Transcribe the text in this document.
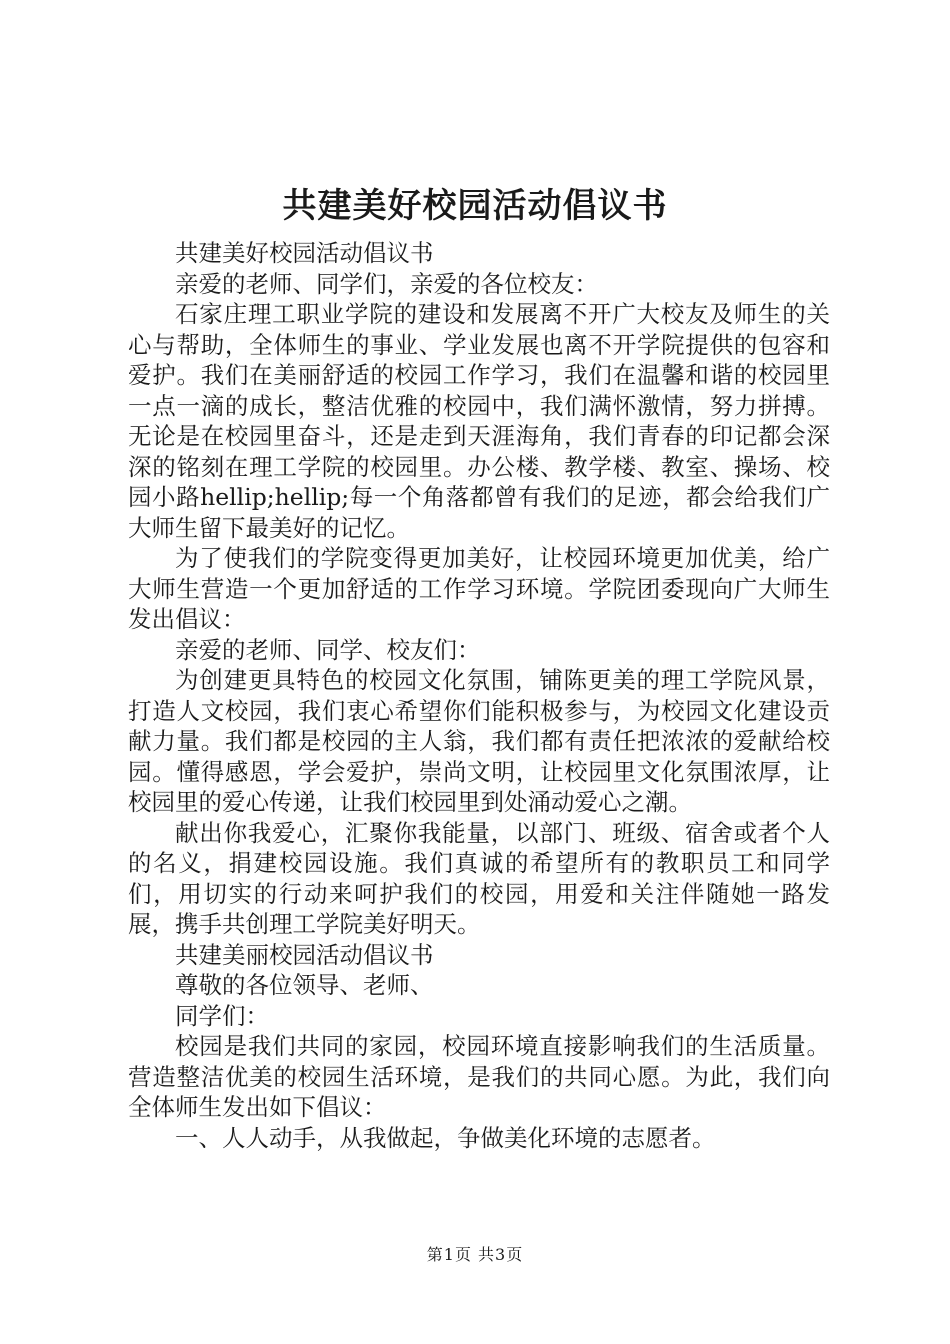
共建美好校园活动倡议书

共建美好校园活动倡议书

亲爱的老师、同学们，亲爱的各位校友：

石家庄理工职业学院的建设和发展离不开广大校友及师生的关心与帮助，全体师生的事业、学业发展也离不开学院提供的包容和爱护。我们在美丽舒适的校园工作学习，我们在温馨和谐的校园里一点一滴的成长，整洁优雅的校园中，我们满怀激情，努力拼搏。无论是在校园里奋斗，还是走到天涯海角，我们青春的印记都会深深的铭刻在理工学院的校园里。办公楼、教学楼、教室、操场、校园小路hellip;hellip;每一个角落都曾有我们的足迹，都会给我们广大师生留下最美好的记忆。

为了使我们的学院变得更加美好，让校园环境更加优美，给广大师生营造一个更加舒适的工作学习环境。学院团委现向广大师生发出倡议：

亲爱的老师、同学、校友们：

为创建更具特色的校园文化氛围，铺陈更美的理工学院风景，打造人文校园，我们衷心希望你们能积极参与，为校园文化建设贡献力量。我们都是校园的主人翁，我们都有责任把浓浓的爱献给校园。懂得感恩，学会爱护，崇尚文明，让校园里文化氛围浓厚，让校园里的爱心传递，让我们校园里到处涌动爱心之潮。

献出你我爱心，汇聚你我能量，以部门、班级、宿舍或者个人的名义，捐建校园设施。我们真诚的希望所有的教职员工和同学们，用切实的行动来呵护我们的校园，用爱和关注伴随她一路发展，携手共创理工学院美好明天。

共建美丽校园活动倡议书

尊敬的各位领导、老师、

同学们：

校园是我们共同的家园，校园环境直接影响我们的生活质量。营造整洁优美的校园生活环境，是我们的共同心愿。为此，我们向全体师生发出如下倡议：

一、人人动手，从我做起，争做美化环境的志愿者。

第1页 共3页
